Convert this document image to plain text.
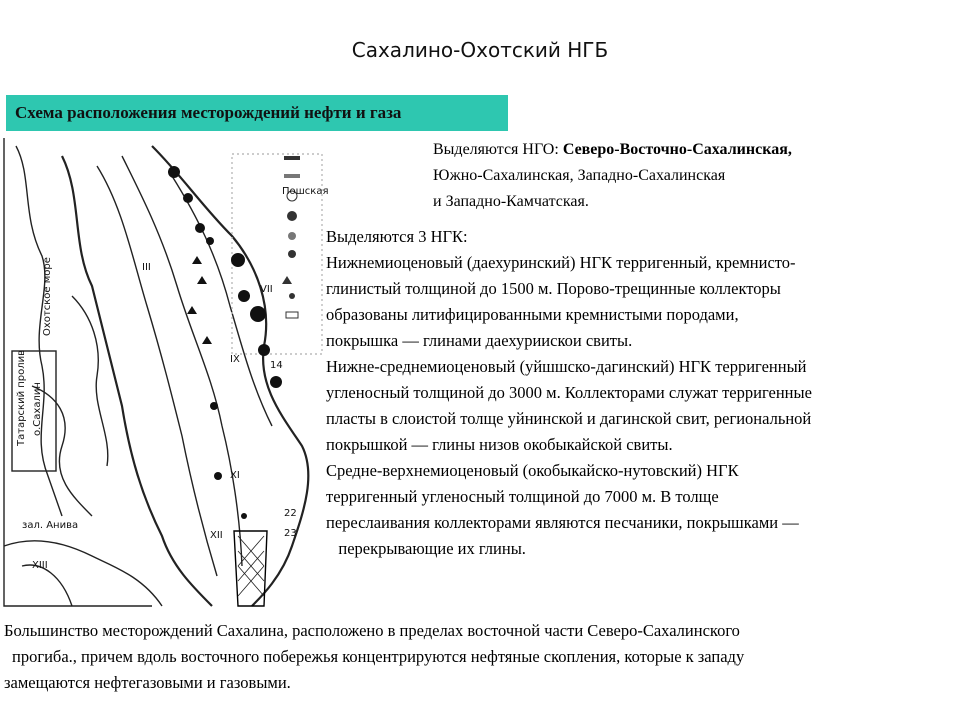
Сахалино-Охотский НГБ
Схема расположения месторождений нефти и газа
Охотское море
Татарский пролив о.Сахалин
Пошская
зал. Анива
VII
XI
XII
XIII
IX
III
14
22
23
Выделяются НГО: Северо-Восточно-Сахалинская,
Южно-Сахалинская, Западно-Сахалинская
и Западно-Камчатская.

Выделяются 3 НГК:

Нижнемиоценовый (даехуринский) НГК терригенный, кремнисто-

глинистый толщиной до 1500 м. Порово-трещинные коллекторы

образованы литифицированными кремнистыми породами,

покрышка — глинами даехуриискои свиты.

Нижне-среднемиоценовый (уйшшско-дагинский) НГК терригенный

угленосный толщиной до 3000 м. Коллекторами служат терригенные

пласты в слоистой толще уйнинской и дагинской свит, региональной

покрышкой — глины низов окобыкайской свиты.

Средне-верхнемиоценовый (окобыкайско-нутовский) НГК

терригенный угленосный толщиной до 7000 м. В толще

переслаивания коллекторами являются песчаники, покрышками —

перекрывающие их глины.

Большинство месторождений Сахалина, расположено в пределах восточной части Северо-Сахалинского

прогиба., причем вдоль восточного побережья концентрируются нефтяные скопления, которые к западу

замещаются нефтегазовыми и газовыми.
